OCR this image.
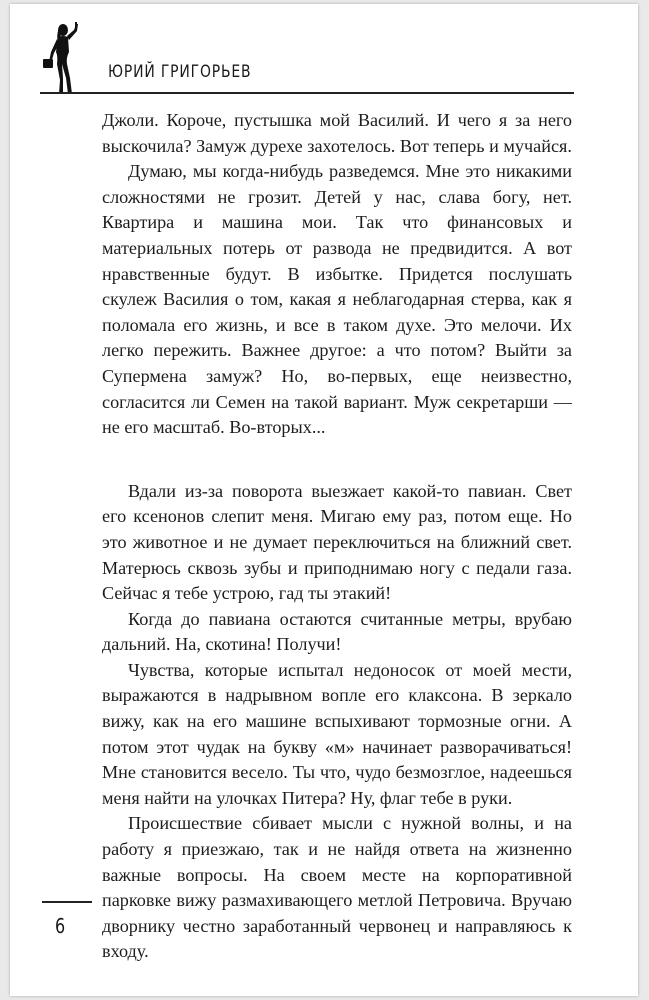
ЮРИЙ ГРИГОРЬЕВ

Джоли. Короче, пустышка мой Василий. И чего я за него выскочила? Замуж дурехе захотелось. Вот теперь и мучайся.

Думаю, мы когда-нибудь разведемся. Мне это никакими сложностями не грозит. Детей у нас, слава богу, нет. Квартира и машина мои. Так что финансовых и материальных потерь от развода не предвидится. А вот нравственные будут. В избытке. Придется послушать скулеж Василия о том, какая я неблагодарная стерва, как я поломала его жизнь, и все в таком духе. Это мелочи. Их легко пережить. Важнее другое: а что потом? Выйти за Супермена замуж? Но, во-первых, еще неизвестно, согласится ли Семен на такой вариант. Муж секретарши — не его масштаб. Во-вторых...

Вдали из-за поворота выезжает какой-то павиан. Свет его ксенонов слепит меня. Мигаю ему раз, потом еще. Но это животное и не думает переключиться на ближний свет. Матерюсь сквозь зубы и приподнимаю ногу с педали газа. Сейчас я тебе устрою, гад ты этакий!

Когда до павиана остаются считанные метры, врубаю дальний. На, скотина! Получи!

Чувства, которые испытал недоносок от моей мести, выражаются в надрывном вопле его клаксона. В зеркало вижу, как на его машине вспыхивают тормозные огни. А потом этот чудак на букву «м» начинает разворачиваться! Мне становится весело. Ты что, чудо безмозглое, надеешься меня найти на улочках Питера? Ну, флаг тебе в руки.

Происшествие сбивает мысли с нужной волны, и на работу я приезжаю, так и не найдя ответа на жизненно важные вопросы. На своем месте на корпоративной парковке вижу размахивающего метлой Петровича. Вручаю дворнику честно заработанный червонец и направляюсь к входу.

6
